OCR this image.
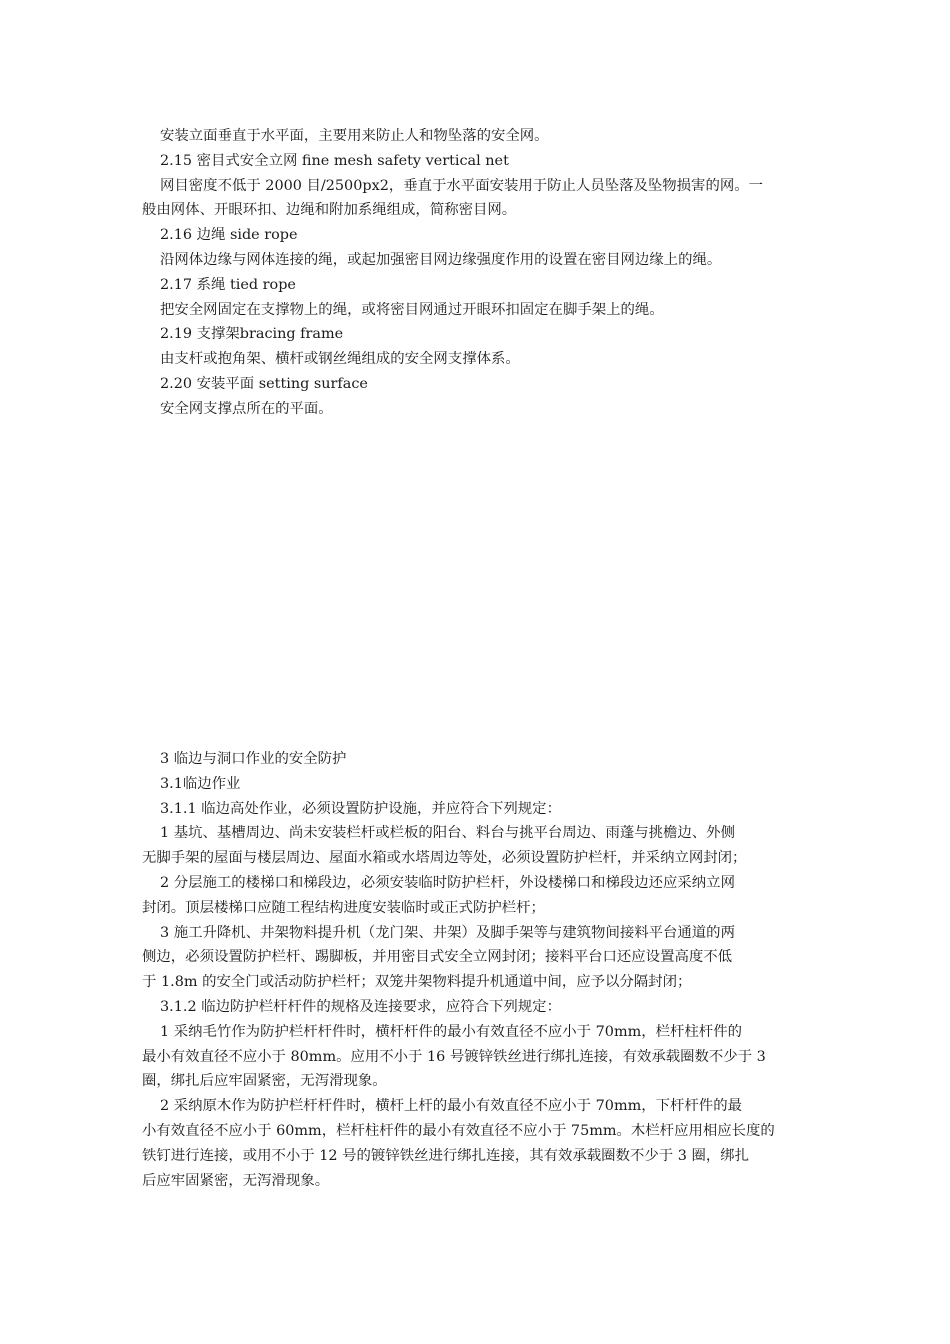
安装立面垂直于水平面，主要用来防止人和物坠落的安全网。
2.15 密目式安全立网 fine mesh safety vertical net
网目密度不低于 2000 目/2500px2，垂直于水平面安装用于防止人员坠落及坠物损害的网。一
般由网体、开眼环扣、边绳和附加系绳组成，简称密目网。
2.16 边绳 side rope
沿网体边缘与网体连接的绳，或起加强密目网边缘强度作用的设置在密目网边缘上的绳。
2.17 系绳 tied rope
把安全网固定在支撑物上的绳，或将密目网通过开眼环扣固定在脚手架上的绳。
2.19 支撑架bracing frame
由支杆或抱角架、横杆或钢丝绳组成的安全网支撑体系。
2.20 安装平面 setting surface
安全网支撑点所在的平面。
3 临边与洞口作业的安全防护
3.1临边作业
3.1.1 临边高处作业，必须设置防护设施，并应符合下列规定：
1 基坑、基槽周边、尚未安装栏杆或栏板的阳台、料台与挑平台周边、雨蓬与挑檐边、外侧
无脚手架的屋面与楼层周边、屋面水箱或水塔周边等处，必须设置防护栏杆，并采纳立网封闭；
2 分层施工的楼梯口和梯段边，必须安装临时防护栏杆，外设楼梯口和梯段边还应采纳立网
封闭。顶层楼梯口应随工程结构进度安装临时或正式防护栏杆；
3 施工升降机、井架物料提升机（龙门架、井架）及脚手架等与建筑物间接料平台通道的两
侧边，必须设置防护栏杆、踢脚板，并用密目式安全立网封闭；接料平台口还应设置高度不低
于 1.8m 的安全门或活动防护栏杆；双笼井架物料提升机通道中间，应予以分隔封闭；
3.1.2 临边防护栏杆杆件的规格及连接要求，应符合下列规定：
1 采纳毛竹作为防护栏杆杆件时，横杆杆件的最小有效直径不应小于 70mm，栏杆柱杆件的
最小有效直径不应小于 80mm。应用不小于 16 号镀锌铁丝进行绑扎连接，有效承载圈数不少于 3
圈，绑扎后应牢固紧密，无泻滑现象。
2 采纳原木作为防护栏杆杆件时，横杆上杆的最小有效直径不应小于 70mm，下杆杆件的最
小有效直径不应小于 60mm，栏杆柱杆件的最小有效直径不应小于 75mm。木栏杆应用相应长度的
铁钉进行连接，或用不小于 12 号的镀锌铁丝进行绑扎连接，其有效承载圈数不少于 3 圈，绑扎
后应牢固紧密，无泻滑现象。
